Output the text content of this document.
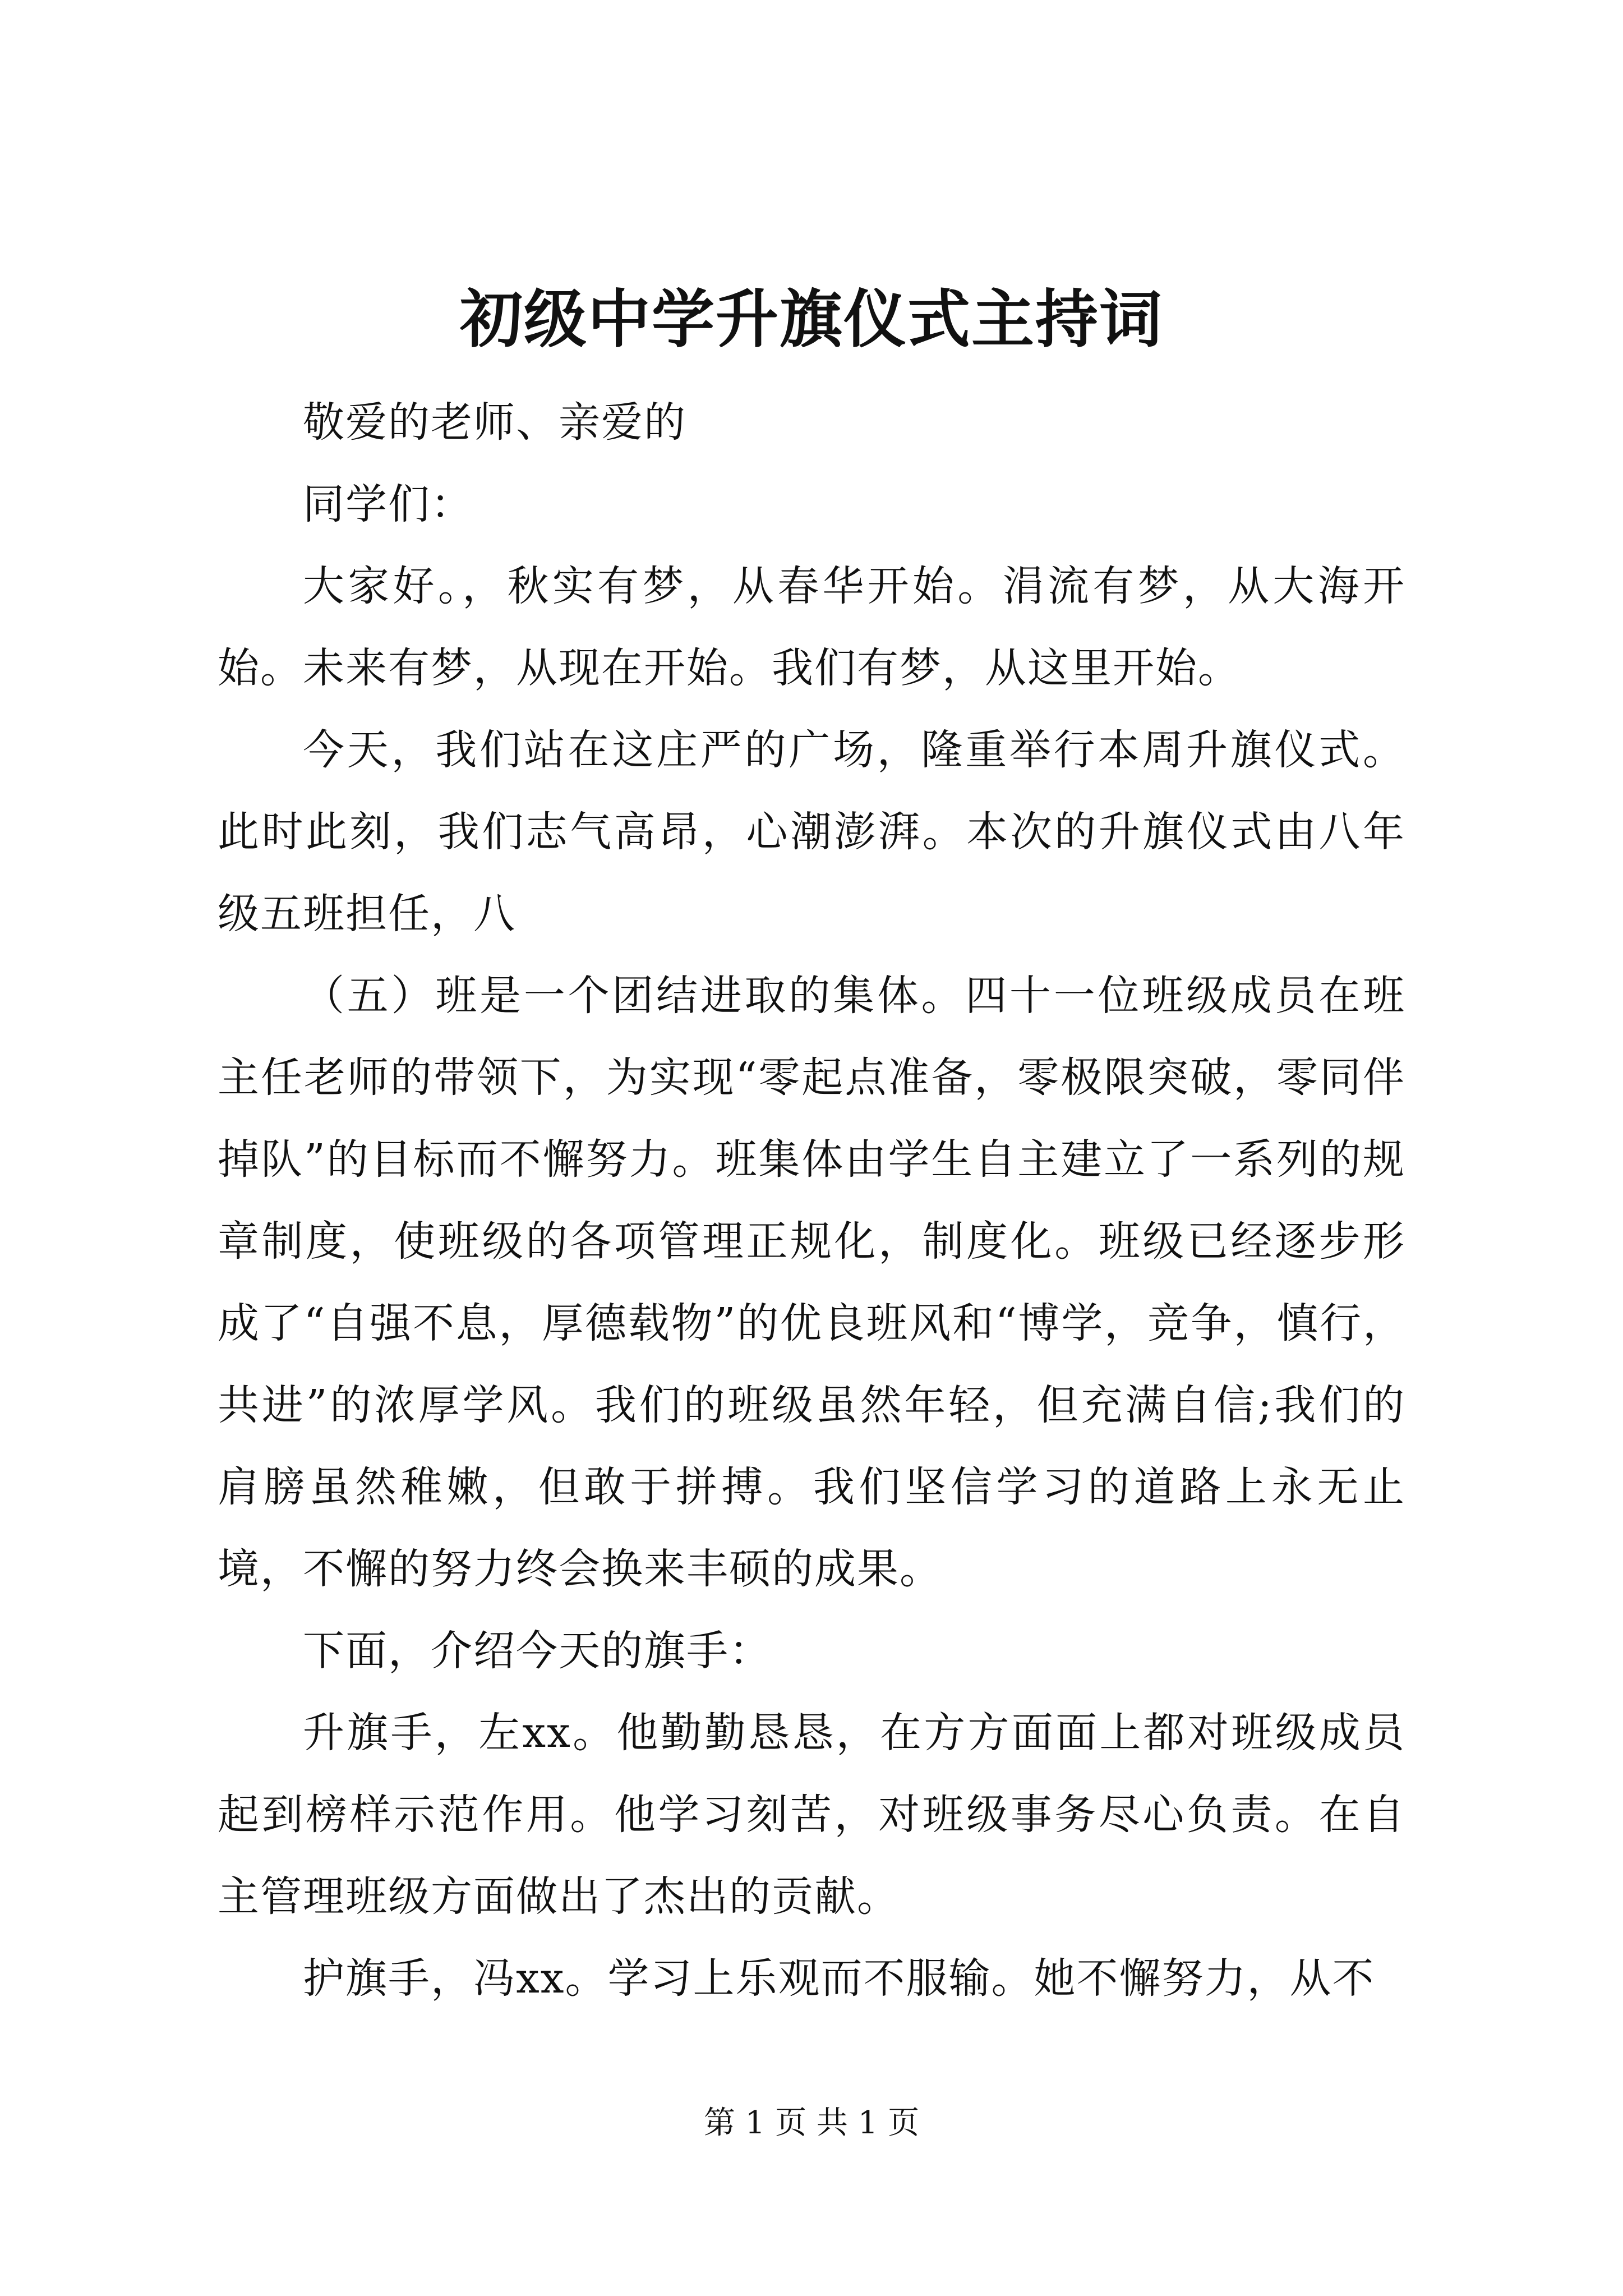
初级中学升旗仪式主持词

敬爱的老师、亲爱的

同学们：

大家好。，秋实有梦，从春华开始。涓流有梦，从大海开始。未来有梦，从现在开始。我们有梦，从这里开始。

今天，我们站在这庄严的广场，隆重举行本周升旗仪式。此时此刻，我们志气高昂，心潮澎湃。本次的升旗仪式由八年级五班担任，八

（五）班是一个团结进取的集体。四十一位班级成员在班主任老师的带领下，为实现“零起点准备，零极限突破，零同伴掉队”的目标而不懈努力。班集体由学生自主建立了一系列的规章制度，使班级的各项管理正规化，制度化。班级已经逐步形成了“自强不息，厚德载物”的优良班风和“博学，竞争，慎行，共进”的浓厚学风。我们的班级虽然年轻，但充满自信;我们的肩膀虽然稚嫩，但敢于拼搏。我们坚信学习的道路上永无止境，不懈的努力终会换来丰硕的成果。

下面，介绍今天的旗手：

升旗手，左xx。他勤勤恳恳，在方方面面上都对班级成员起到榜样示范作用。他学习刻苦，对班级事务尽心负责。在自主管理班级方面做出了杰出的贡献。

护旗手，冯xx。学习上乐观而不服输。她不懈努力，从不

第 1 页 共 1 页
